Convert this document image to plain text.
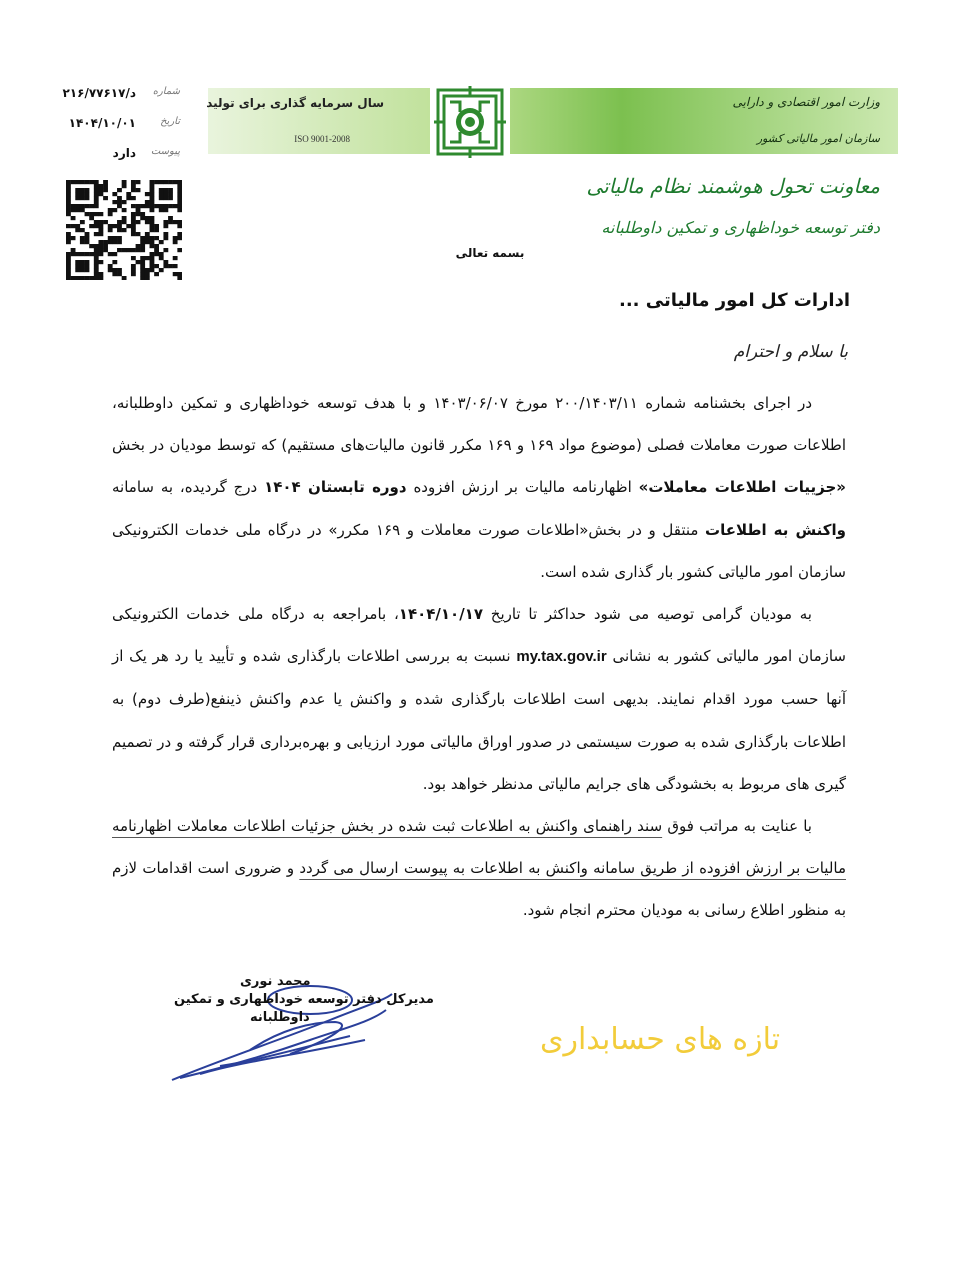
سال سرمایه گذاری برای تولید
ISO 9001-2008
وزارت امور اقتصادی و دارایی
سازمان امور مالیاتی کشور
معاونت تحول هوشمند نظام مالیاتی
دفتر توسعه خوداظهاری و تمکین داوطلبانه
شماره
د/۲۱۶/۷۷۶۱۷
تاریخ
۱۴۰۴/۱۰/۰۱
پیوست
دارد
بسمه تعالی
ادارات کل امور مالیاتی ...
با سلام و احترام

در اجرای بخشنامه شماره ۲۰۰/۱۴۰۳/۱۱ مورخ ۱۴۰۳/۰۶/۰۷ و با هدف توسعه خوداظهاری و تمکین داوطلبانه، اطلاعات صورت معاملات فصلی (موضوع مواد ۱۶۹ و ۱۶۹ مکرر قانون مالیات‌های مستقیم) که توسط مودیان در بخش «جزییات اطلاعات معاملات» اظهارنامه مالیات بر ارزش افزوده دوره تابستان ۱۴۰۴ درج گردیده، به سامانه واکنش به اطلاعات منتقل و در بخش«اطلاعات صورت معاملات و ۱۶۹ مکرر» در درگاه ملی خدمات الکترونیکی سازمان امور مالیاتی کشور بار گذاری شده است.

به مودیان گرامی توصیه می شود حداکثر تا تاریخ ۱۴۰۴/۱۰/۱۷، بامراجعه به درگاه ملی خدمات الکترونیکی سازمان امور مالیاتی کشور به نشانی my.tax.gov.ir نسبت به بررسی اطلاعات بارگذاری شده و تأیید یا رد هر یک از آنها حسب مورد اقدام نمایند. بدیهی است اطلاعات بارگذاری شده و واکنش یا عدم واکنش ذینفع(طرف دوم) به اطلاعات بارگذاری شده به صورت سیستمی در صدور اوراق مالیاتی مورد ارزیابی و بهره‌برداری قرار گرفته و در تصمیم گیری های مربوط به بخشودگی های جرایم مالیاتی مدنظر خواهد بود.

با عنایت به مراتب فوق سند راهنمای واکنش به اطلاعات ثبت شده در بخش جزئیات اطلاعات معاملات اظهارنامه مالیات بر ارزش افزوده از طریق سامانه واکنش به اطلاعات به پیوست ارسال می گردد و ضروری است اقدامات لازم به منظور اطلاع رسانی به مودیان محترم انجام شود.

محمد نوری
مدیرکل دفتر توسعه خوداظهاری و تمکین
داوطلبانه
تازه های حسابداری
